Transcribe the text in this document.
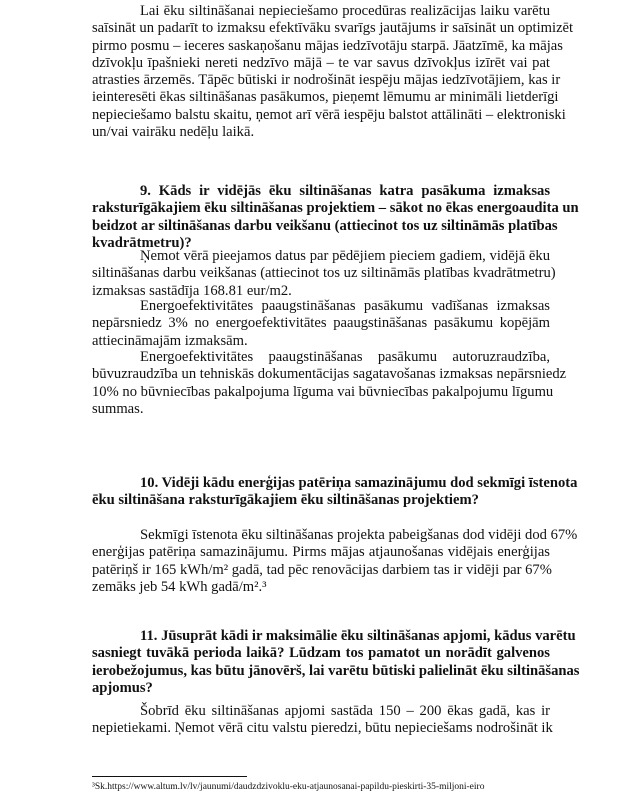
Lai ēku siltināšanai nepieciešamo procedūras realizācijas laiku varētu
saīsināt un padarīt to izmaksu efektīvāku svarīgs jautājums ir saīsināt un optimizēt
pirmo posmu – ieceres saskaņošanu mājas iedzīvotāju starpā. Jāatzīmē, ka mājas
dzīvokļu īpašnieki nereti nedzīvo mājā – te var savus dzīvokļus izīrēt vai pat
atrasties ārzemēs. Tāpēc būtiski ir nodrošināt iespēju mājas iedzīvotājiem, kas ir
ieinteresēti ēkas siltināšanas pasākumos, pieņemt lēmumu ar minimāli lietderīgi
nepieciešamo balstu skaitu, ņemot arī vērā iespēju balstot attālināti – elektroniski
un/vai vairāku nedēļu laikā.
9. Kāds ir vidējās ēku siltināšanas katra pasākuma izmaksas
raksturīgākajiem ēku siltināšanas projektiem – sākot no ēkas energoaudita un
beidzot ar siltināšanas darbu veikšanu (attiecinot tos uz siltināmās platības
kvadrātmetru)?
Ņemot vērā pieejamos datus par pēdējiem pieciem gadiem, vidējā ēku
siltināšanas darbu veikšanas (attiecinot tos uz siltināmās platības kvadrātmetru)
izmaksas sastādīja 168.81 eur/m2.
Energoefektivitātes paaugstināšanas pasākumu vadīšanas izmaksas
nepārsniedz 3% no energoefektivitātes paaugstināšanas pasākumu kopējām
attiecināmajām izmaksām.
Energoefektivitātes paaugstināšanas pasākumu autoruzraudzība,
būvuzraudzība un tehniskās dokumentācijas sagatavošanas izmaksas nepārsniedz
10% no būvniecības pakalpojuma līguma vai būvniecības pakalpojumu līgumu
summas.
10. Vidēji kādu enerģijas patēriņa samazinājumu dod sekmīgi īstenota
ēku siltināšana raksturīgākajiem ēku siltināšanas projektiem?
Sekmīgi īstenota ēku siltināšanas projekta pabeigšanas dod vidēji dod 67%
enerģijas patēriņa samazinājumu. Pirms mājas atjaunošanas vidējais enerģijas
patēriņš ir 165 kWh/m² gadā, tad pēc renovācijas darbiem tas ir vidēji par 67%
zemāks jeb 54 kWh gadā/m².³
11. Jūsuprāt kādi ir maksimālie ēku siltināšanas apjomi, kādus varētu
sasniegt tuvākā perioda laikā? Lūdzam tos pamatot un norādīt galvenos
ierobežojumus, kas būtu jānovērš, lai varētu būtiski palielināt ēku siltināšanas
apjomus?
Šobrīd ēku siltināšanas apjomi sastāda 150 – 200 ēkas gadā, kas ir
nepietiekami. Ņemot vērā citu valstu pieredzi, būtu nepieciešams nodrošināt ik
³Sk.https://www.altum.lv/lv/jaunumi/daudzdzivoklu-eku-atjaunosanai-papildu-pieskirti-35-miljoni-eiro
